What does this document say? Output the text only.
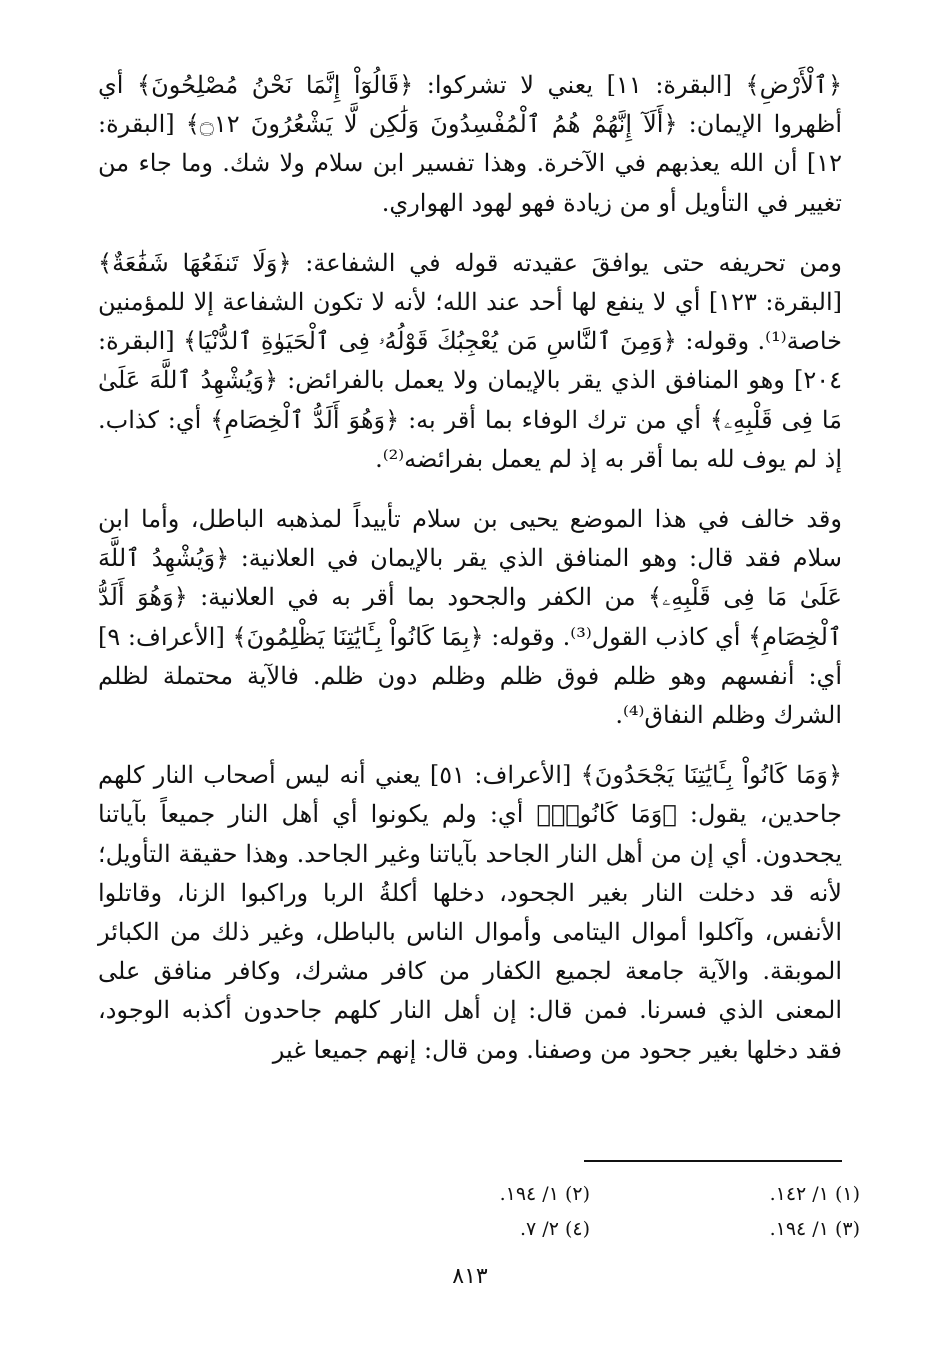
﴿ٱلْأَرْضِ﴾ [البقرة: ١١] يعني لا تشركوا: ﴿قَالُوٓاْ إِنَّمَا نَحْنُ مُصْلِحُونَ﴾ أي أظهروا الإيمان: ﴿أَلَآ إِنَّهُمْ هُمُ ٱلْمُفْسِدُونَ وَلَٰكِن لَّا يَشْعُرُونَ ۝١٢﴾ [البقرة: ١٢] أن الله يعذبهم في الآخرة. وهذا تفسير ابن سلام ولا شك. وما جاء من تغيير في التأويل أو من زيادة فهو لهود الهواري.

ومن تحريفه حتى يوافقَ عقيدته قوله في الشفاعة: ﴿وَلَا تَنفَعُهَا شَفَٰعَةٌ﴾ [البقرة: ١٢٣] أي لا ينفع لها أحد عند الله؛ لأنه لا تكون الشفاعة إلا للمؤمنين خاصة⁽¹⁾. وقوله: ﴿وَمِنَ ٱلنَّاسِ مَن يُعْجِبُكَ قَوْلُهُۥ فِى ٱلْحَيَوٰةِ ٱلدُّنْيَا﴾ [البقرة: ٢٠٤] وهو المنافق الذي يقر بالإيمان ولا يعمل بالفرائض: ﴿وَيُشْهِدُ ٱللَّهَ عَلَىٰ مَا فِى قَلْبِهِۦ﴾ أي من ترك الوفاء بما أقر به: ﴿وَهُوَ أَلَدُّ ٱلْخِصَامِ﴾ أي: كذاب. إذ لم يوف لله بما أقر به إذ لم يعمل بفرائضه⁽²⁾.

وقد خالف في هذا الموضع يحيى بن سلام تأييداً لمذهبه الباطل، وأما ابن سلام فقد قال: وهو المنافق الذي يقر بالإيمان في العلانية: ﴿وَيُشْهِدُ ٱللَّهَ عَلَىٰ مَا فِى قَلْبِهِۦ﴾ من الكفر والجحود بما أقر به في العلانية: ﴿وَهُوَ أَلَدُّ ٱلْخِصَامِ﴾ أي كاذب القول⁽³⁾. وقوله: ﴿بِمَا كَانُواْ بِـَٔايَٰتِنَا يَظْلِمُونَ﴾ [الأعراف: ٩] أي: أنفسهم وهو ظلم فوق ظلم وظلم دون ظلم. فالآية محتملة لظلم الشرك وظلم النفاق⁽⁴⁾.

﴿وَمَا كَانُواْ بِـَٔايَٰتِنَا يَجْحَدُونَ﴾ [الأعراف: ٥١] يعني أنه ليس أصحاب النار كلهم جاحدين، يقول: ﴿وَمَا كَانُوا۟﴾ أي: ولم يكونوا أي أهل النار جميعاً بآياتنا يجحدون. أي إن من أهل النار الجاحد بآياتنا وغير الجاحد. وهذا حقيقة التأويل؛ لأنه قد دخلت النار بغير الجحود، دخلها أكلةُ الربا وراكبوا الزنا، وقاتلوا الأنفس، وآكلوا أموال اليتامى وأموال الناس بالباطل، وغير ذلك من الكبائر الموبقة. والآية جامعة لجميع الكفار من كافر مشرك، وكافر منافق على المعنى الذي فسرنا. فمن قال: إن أهل النار كلهم جاحدون أكذبه الوجود، فقد دخلها بغير جحود من وصفنا. ومن قال: إنهم جميعا غير

(١) ١/ ١٤٢.
(٢) ١/ ١٩٤.
(٣) ١/ ١٩٤.
(٤) ٢/ ٧.
٨١٣
